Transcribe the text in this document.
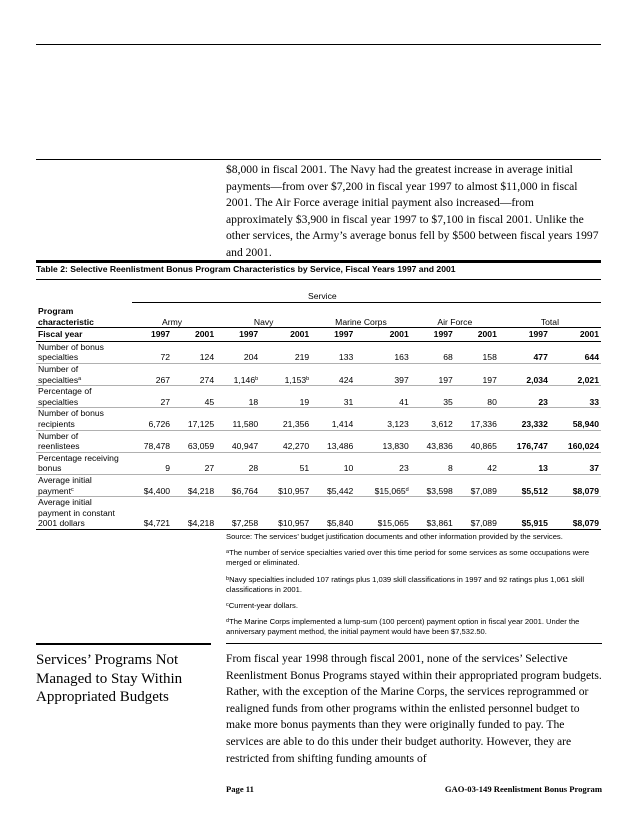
$8,000 in fiscal 2001. The Navy had the greatest increase in average initial payments—from over $7,200 in fiscal year 1997 to almost $11,000 in fiscal 2001. The Air Force average initial payment also increased—from approximately $3,900 in fiscal year 1997 to $7,100 in fiscal 2001. Unlike the other services, the Army’s average bonus fell by $500 between fiscal years 1997 and 2001.
Table 2: Selective Reenlistment Bonus Program Characteristics by Service, Fiscal Years 1997 and 2001
Service
Program characteristic	Army		Navy		Marine Corps		Air Force		Total	
Fiscal year	1997	2001	1997	2001	1997	2001	1997	2001	1997	2001

Number of bonus
specialties	72	124	204	219	133	163	68	158	477	644

Number of
specialties$^a$	267	274	1,146$^b$	1,153$^b$	424	397	197	197	2,034	2,021

Percentage of
specialties	27	45	18	19	31	41	35	80	23	33

Number of bonus
recipients	6,726	17,125	11,580	21,356	1,414	3,123	3,612	17,336	23,332	58,940

Number of
reenlistees	78,478	63,059	40,947	42,270	13,486	13,830	43,836	40,865	176,747	160,024

Percentage receiving
bonus	9	27	28	51	10	23	8	42	13	37

Average initial
payment$^c$	$4,400	$4,218	$6,764	$10,957	$5,442	$15,065$^d$	$3,598	$7,089	$5,512	$8,079

Average initial
payment in constant
2001 dollars	$4,721	$4,218	$7,258	$10,957	$5,840	$15,065	$3,861	$7,089	$5,915	$8,079

Source: The services’ budget justification documents and other information provided by the services.

$^a$The number of service specialties varied over this time period for some services as some occupations were merged or eliminated.

$^b$Navy specialties included 107 ratings plus 1,039 skill classifications in 1997 and 92 ratings plus 1,061 skill classifications in 2001.

$^c$Current-year dollars.

$^d$The Marine Corps implemented a lump-sum (100 percent) payment option in fiscal year 2001. Under the anniversary payment method, the initial payment would have been $7,532.50.

Services’ Programs Not Managed to Stay Within Appropriated Budgets
From fiscal year 1998 through fiscal 2001, none of the services’ Selective Reenlistment Bonus Programs stayed within their appropriated program budgets. Rather, with the exception of the Marine Corps, the services reprogrammed or realigned funds from other programs within the enlisted personnel budget to make more bonus payments than they were originally funded to pay. The services are able to do this under their budget authority. However, they are restricted from shifting funding amounts of
Page 11	GAO-03-149 Reenlistment Bonus Program
